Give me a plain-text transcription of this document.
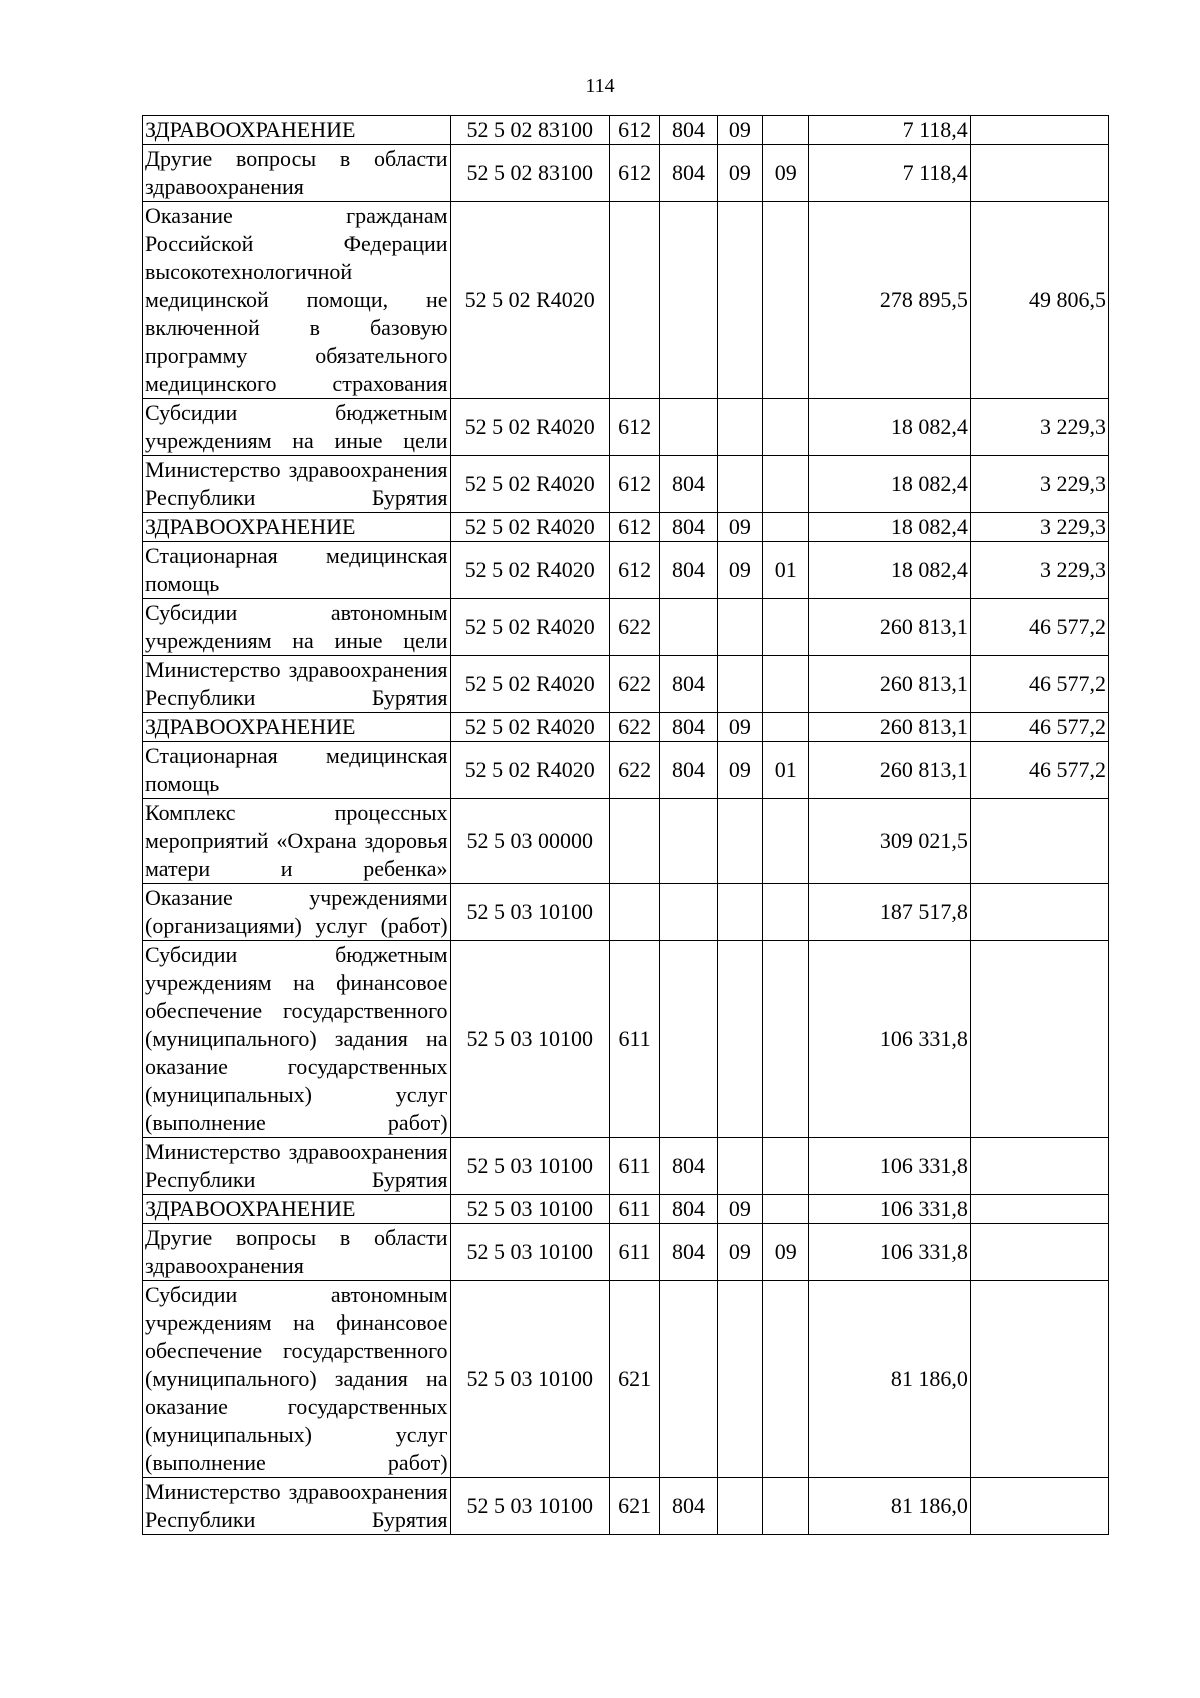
114
ЗДРАВООХРАНЕНИЕ	52 5 02 83100	612	804	09		7 118,4	
Другие вопросы в области здравоохранения	52 5 02 83100	612	804	09	09	7 118,4	
Оказание гражданам Российской Федерации высокотехнологичной медицинской помощи, не включенной в базовую программу обязательного медицинского страхования	52 5 02 R4020					278 895,5	49 806,5
Субсидии бюджетным учреждениям на иные цели	52 5 02 R4020	612				18 082,4	3 229,3
Министерство здравоохранения Республики Бурятия	52 5 02 R4020	612	804			18 082,4	3 229,3
ЗДРАВООХРАНЕНИЕ	52 5 02 R4020	612	804	09		18 082,4	3 229,3
Стационарная медицинская помощь	52 5 02 R4020	612	804	09	01	18 082,4	3 229,3
Субсидии автономным учреждениям на иные цели	52 5 02 R4020	622				260 813,1	46 577,2
Министерство здравоохранения Республики Бурятия	52 5 02 R4020	622	804			260 813,1	46 577,2
ЗДРАВООХРАНЕНИЕ	52 5 02 R4020	622	804	09		260 813,1	46 577,2
Стационарная медицинская помощь	52 5 02 R4020	622	804	09	01	260 813,1	46 577,2
Комплекс процессных мероприятий «Охрана здоровья матери и ребенка»	52 5 03 00000					309 021,5	
Оказание учреждениями (организациями) услуг (работ)	52 5 03 10100					187 517,8	
Субсидии бюджетным учреждениям на финансовое обеспечение государственного (муниципального) задания на оказание государственных (муниципальных) услуг (выполнение работ)	52 5 03 10100	611				106 331,8	
Министерство здравоохранения Республики Бурятия	52 5 03 10100	611	804			106 331,8	
ЗДРАВООХРАНЕНИЕ	52 5 03 10100	611	804	09		106 331,8	
Другие вопросы в области здравоохранения	52 5 03 10100	611	804	09	09	106 331,8	
Субсидии автономным учреждениям на финансовое обеспечение государственного (муниципального) задания на оказание государственных (муниципальных) услуг (выполнение работ)	52 5 03 10100	621				81 186,0	
Министерство здравоохранения Республики Бурятия	52 5 03 10100	621	804			81 186,0	
